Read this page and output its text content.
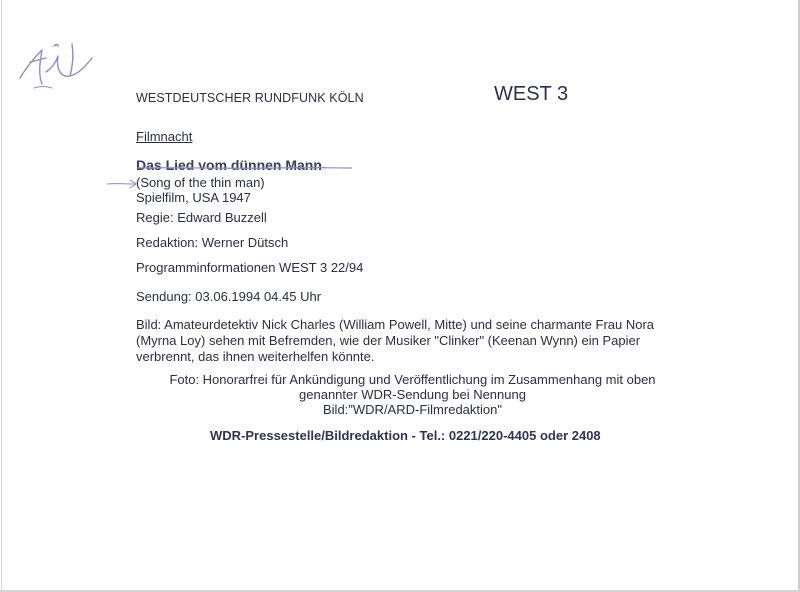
WESTDEUTSCHER RUNDFUNK KÖLN	WEST 3
Filmnacht
Das Lied vom dünnen Mann
(Song of the thin man)
Spielfilm, USA 1947
Regie: Edward Buzzell
Redaktion: Werner Dütsch
Programminformationen WEST 3 22/94
Sendung: 03.06.1994 04.45 Uhr
Bild: Amateurdetektiv Nick Charles (William Powell, Mitte) und seine charmante Frau Nora (Myrna Loy) sehen mit Befremden, wie der Musiker "Clinker" (Keenan Wynn) ein Papier verbrennt, das ihnen weiterhelfen könnte.
Foto: Honorarfrei für Ankündigung und Veröffentlichung im Zusammenhang mit oben
genannter WDR-Sendung bei Nennung
Bild:"WDR/ARD-Filmredaktion"
WDR-Pressestelle/Bildredaktion - Tel.: 0221/220-4405 oder 2408
